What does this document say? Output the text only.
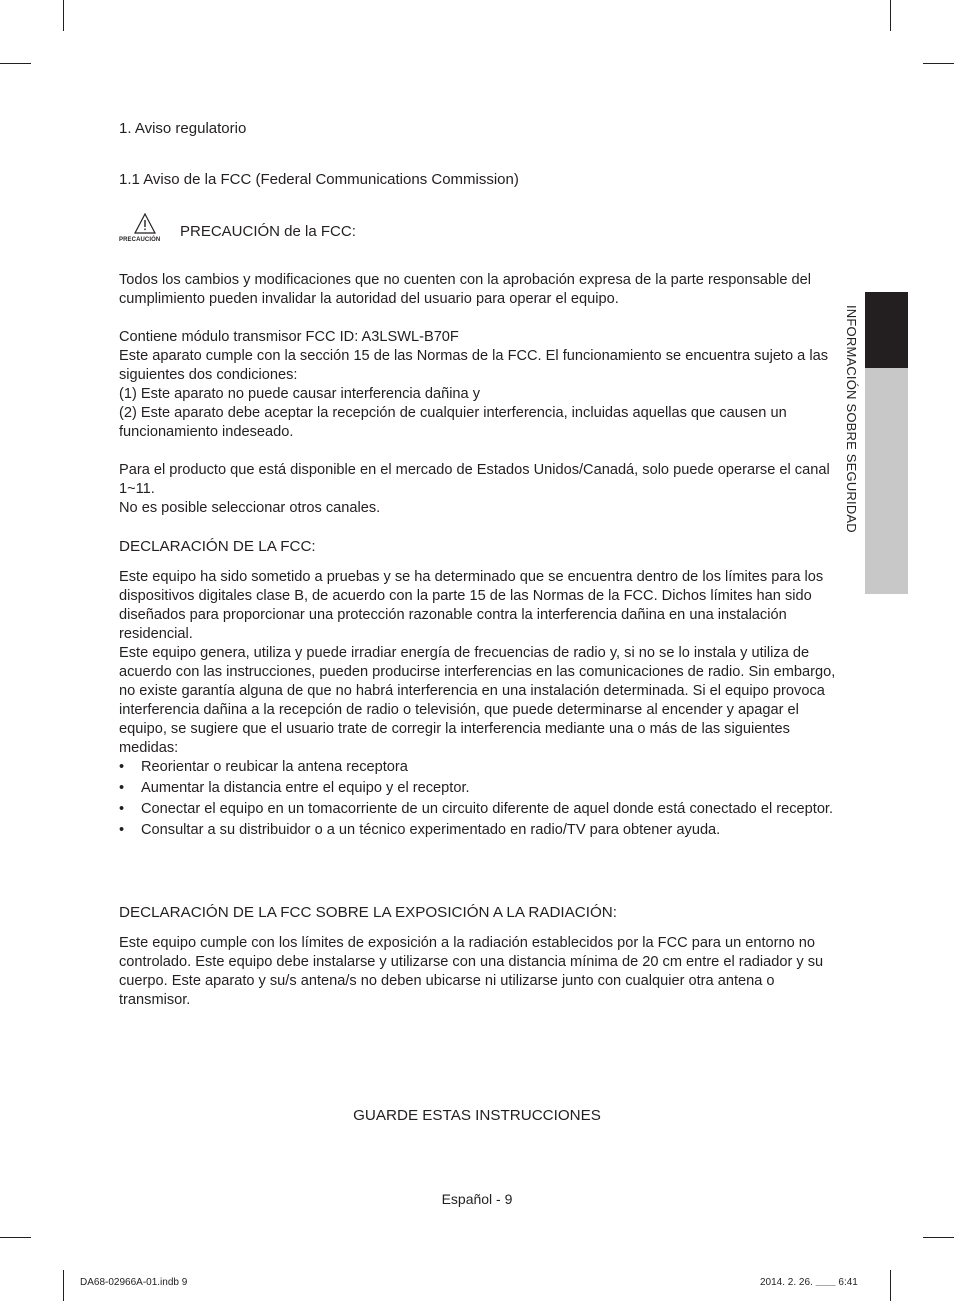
INFORMACIÓN SOBRE SEGURIDAD
1. Aviso regulatorio
1.1 Aviso de la FCC (Federal Communications Commission)
PRECAUCIÓN PRECAUCIÓN de la FCC:

Todos los cambios y modificaciones que no cuenten con la aprobación expresa de la parte responsable del cumplimiento pueden invalidar la autoridad del usuario para operar el equipo.

Contiene módulo transmisor FCC ID: A3LSWL-B70F

Este aparato cumple con la sección 15 de las Normas de la FCC. El funcionamiento se encuentra sujeto a las siguientes dos condiciones:

(1) Este aparato no puede causar interferencia dañina y

(2) Este aparato debe aceptar la recepción de cualquier interferencia, incluidas aquellas que causen un funcionamiento indeseado.

Para el producto que está disponible en el mercado de Estados Unidos/Canadá, solo puede operarse el canal 1~11.

No es posible seleccionar otros canales.

DECLARACIÓN DE LA FCC:

Este equipo ha sido sometido a pruebas y se ha determinado que se encuentra dentro de los límites para los dispositivos digitales clase B, de acuerdo con la parte 15 de las Normas de la FCC. Dichos límites han sido diseñados para proporcionar una protección razonable contra la interferencia dañina en una instalación residencial.

Este equipo genera, utiliza y puede irradiar energía de frecuencias de radio y, si no se lo instala y utiliza de acuerdo con las instrucciones, pueden producirse interferencias en las comunicaciones de radio. Sin embargo, no existe garantía alguna de que no habrá interferencia en una instalación determinada. Si el equipo provoca interferencia dañina a la recepción de radio o televisión, que puede determinarse al encender y apagar el equipo, se sugiere que el usuario trate de corregir la interferencia mediante una o más de las siguientes medidas:

• Reorientar o reubicar la antena receptora
• Aumentar la distancia entre el equipo y el receptor.
• Conectar el equipo en un tomacorriente de un circuito diferente de aquel donde está conectado el receptor.
• Consultar a su distribuidor o a un técnico experimentado en radio/TV para obtener ayuda.
DECLARACIÓN DE LA FCC SOBRE LA EXPOSICIÓN A LA RADIACIÓN:
Este equipo cumple con los límites de exposición a la radiación establecidos por la FCC para un entorno no controlado. Este equipo debe instalarse y utilizarse con una distancia mínima de 20 cm entre el radiador y su cuerpo. Este aparato y su/s antena/s no deben ubicarse ni utilizarse junto con cualquier otra antena o transmisor.
GUARDE ESTAS INSTRUCCIONES
Español - 9
DA68-02966A-01.indb 9	2014. 2. 26. ＿＿ 6:41
